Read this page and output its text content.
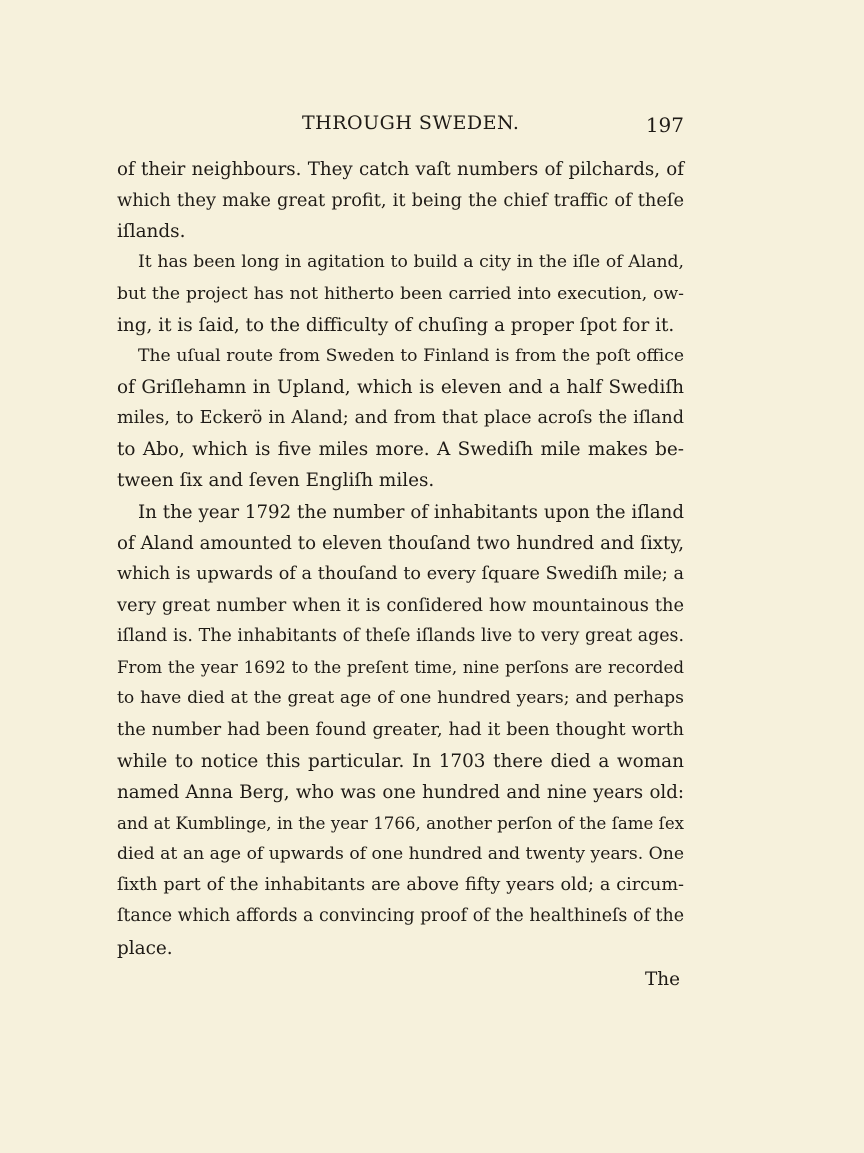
THROUGH SWEDEN.	197
of their neighbours. They catch vaſt numbers of pilchards, of
which they make great profit, it being the chief traffic of theſe
iſlands.
It has been long in agitation to build a city in the iſle of Aland,
but the project has not hitherto been carried into execution, ow-
ing, it is ſaid, to the difficulty of chuſing a proper ſpot for it.
The uſual route from Sweden to Finland is from the poſt office
of Griſlehamn in Upland, which is eleven and a half Swediſh
miles, to Eckerö in Aland; and from that place acroſs the iſland
to Abo, which is five miles more. A Swediſh mile makes be-
tween ſix and ſeven Engliſh miles.
In the year 1792 the number of inhabitants upon the iſland
of Aland amounted to eleven thouſand two hundred and ſixty,
which is upwards of a thouſand to every ſquare Swediſh mile; a
very great number when it is conſidered how mountainous the
iſland is. The inhabitants of theſe iſlands live to very great ages.
From the year 1692 to the preſent time, nine perſons are recorded
to have died at the great age of one hundred years; and perhaps
the number had been found greater, had it been thought worth
while to notice this particular. In 1703 there died a woman
named Anna Berg, who was one hundred and nine years old:
and at Kumblinge, in the year 1766, another perſon of the ſame ſex
died at an age of upwards of one hundred and twenty years. One
ſixth part of the inhabitants are above fifty years old; a circum-
ſtance which affords a convincing proof of the healthineſs of the
place.
The
